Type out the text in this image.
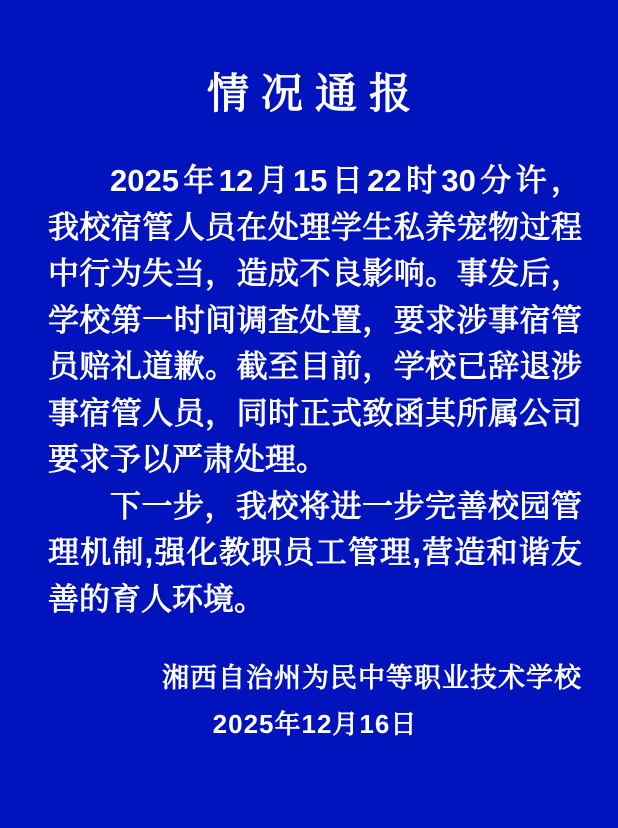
情况通报
2025年12月15日22时30分许，
我校宿管人员在处理学生私养宠物过程
中行为失当，造成不良影响。事发后，
学校第一时间调查处置，要求涉事宿管
员赔礼道歉。截至目前，学校已辞退涉
事宿管人员，同时正式致函其所属公司
要求予以严肃处理。
下一步，我校将进一步完善校园管
理机制,强化教职员工管理,营造和谐友
善的育人环境。
湘西自治州为民中等职业技术学校
2025年12月16日
